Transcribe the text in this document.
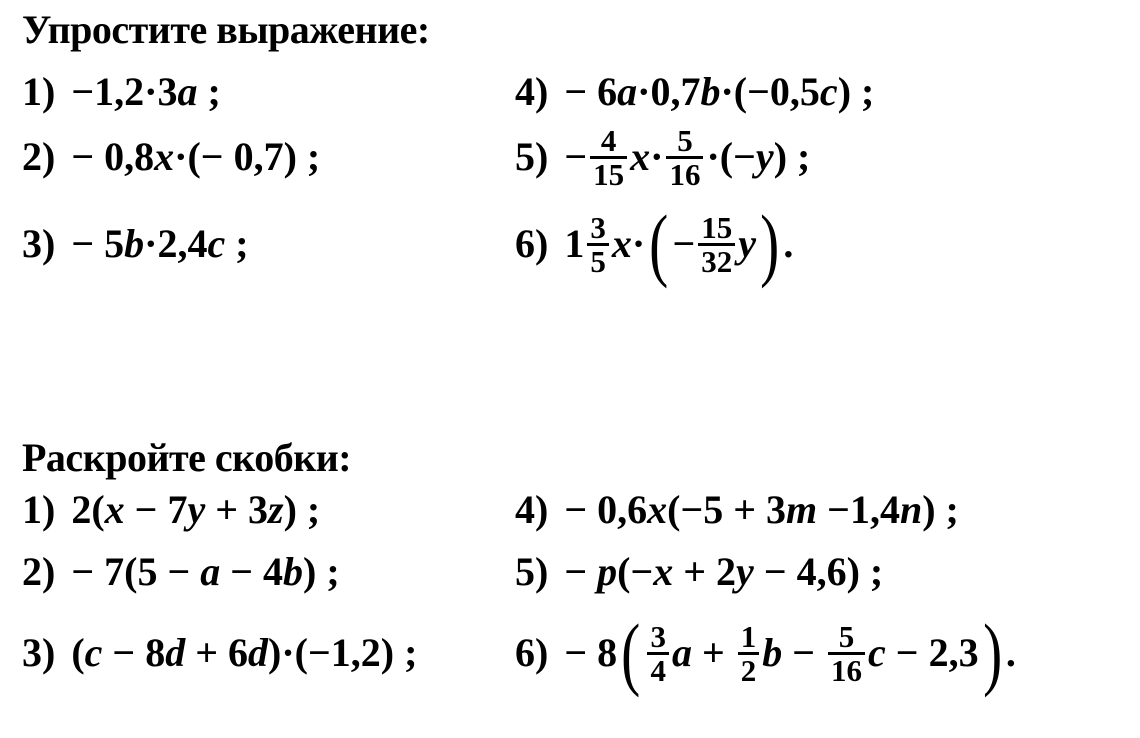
Упростите выражение:
1) −1,2·3 a ;
2) − 0,8 x ·(− 0,7) ;
3) − 5 b ·2,4 c ;
4) − 6 a ·0,7 b ·(−0,5 c ) ;
$5) - \frac{4}{15}$ $x \cdot \frac{5}{16}$ ·(− y ) ;
6) $1 \frac{3}{5}$ x · ( − $\frac{15}{32}$ y ) .
Раскройте скобки:
1) 2( x − 7 y + 3 z ) ;
2) − 7(5 − a − 4 b ) ;
3) ( c − 8 d + 6 d )·(−1,2) ;
4) − 0,6 x (−5 + 3 m −1,4 n ) ;
5) − p (− x + 2 y − 4,6) ;
6) − 8 ( $\frac{3}{4}$ $a + \frac{1}{2}$ $b - \frac{5}{16}$ c − 2,3 ) .
